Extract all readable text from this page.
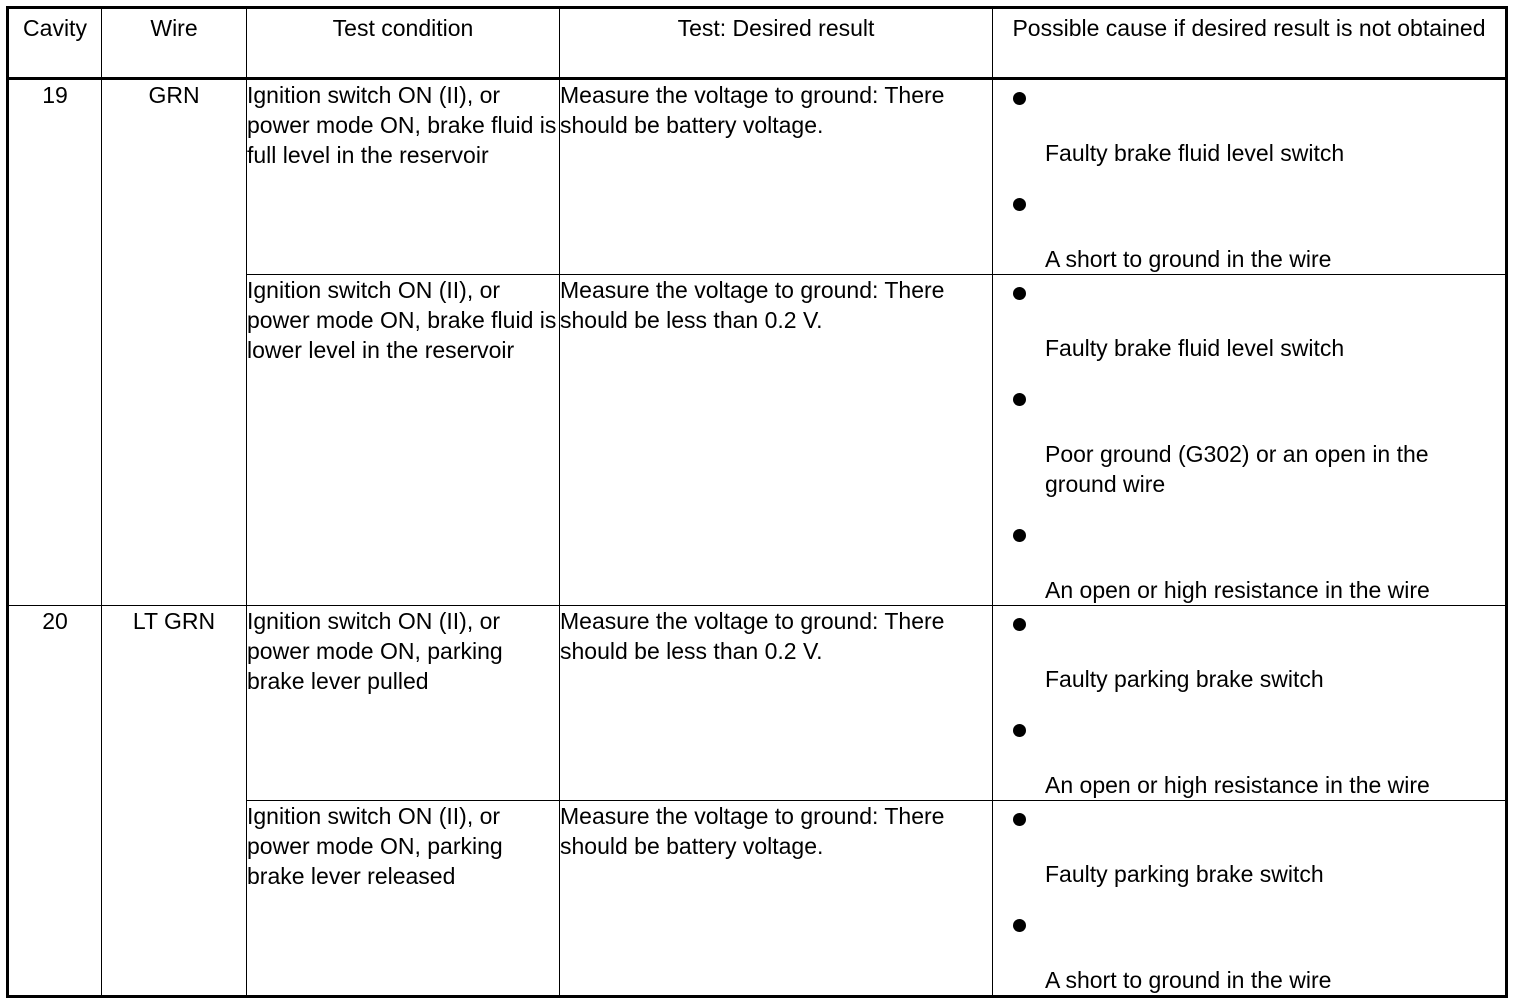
Cavity	Wire	Test condition	Test: Desired result	Possible cause if desired result is not obtained
19	GRN	Ignition switch ON (II), or power mode ON, brake fluid is full level in the reservoir	Measure the voltage to ground: There should be battery voltage.	Faulty brake fluid level switch
A short to ground in the wire

		Ignition switch ON (II), or power mode ON, brake fluid is lower level in the reservoir	Measure the voltage to ground: There should be less than 0.2 V.	Faulty brake fluid level switch
Poor ground (G302) or an open in the ground wire
An open or high resistance in the wire

20	LT GRN	Ignition switch ON (II), or power mode ON, parking brake lever pulled	Measure the voltage to ground: There should be less than 0.2 V.	Faulty parking brake switch
An open or high resistance in the wire

		Ignition switch ON (II), or power mode ON, parking brake lever released	Measure the voltage to ground: There should be battery voltage.	Faulty parking brake switch
A short to ground in the wire
